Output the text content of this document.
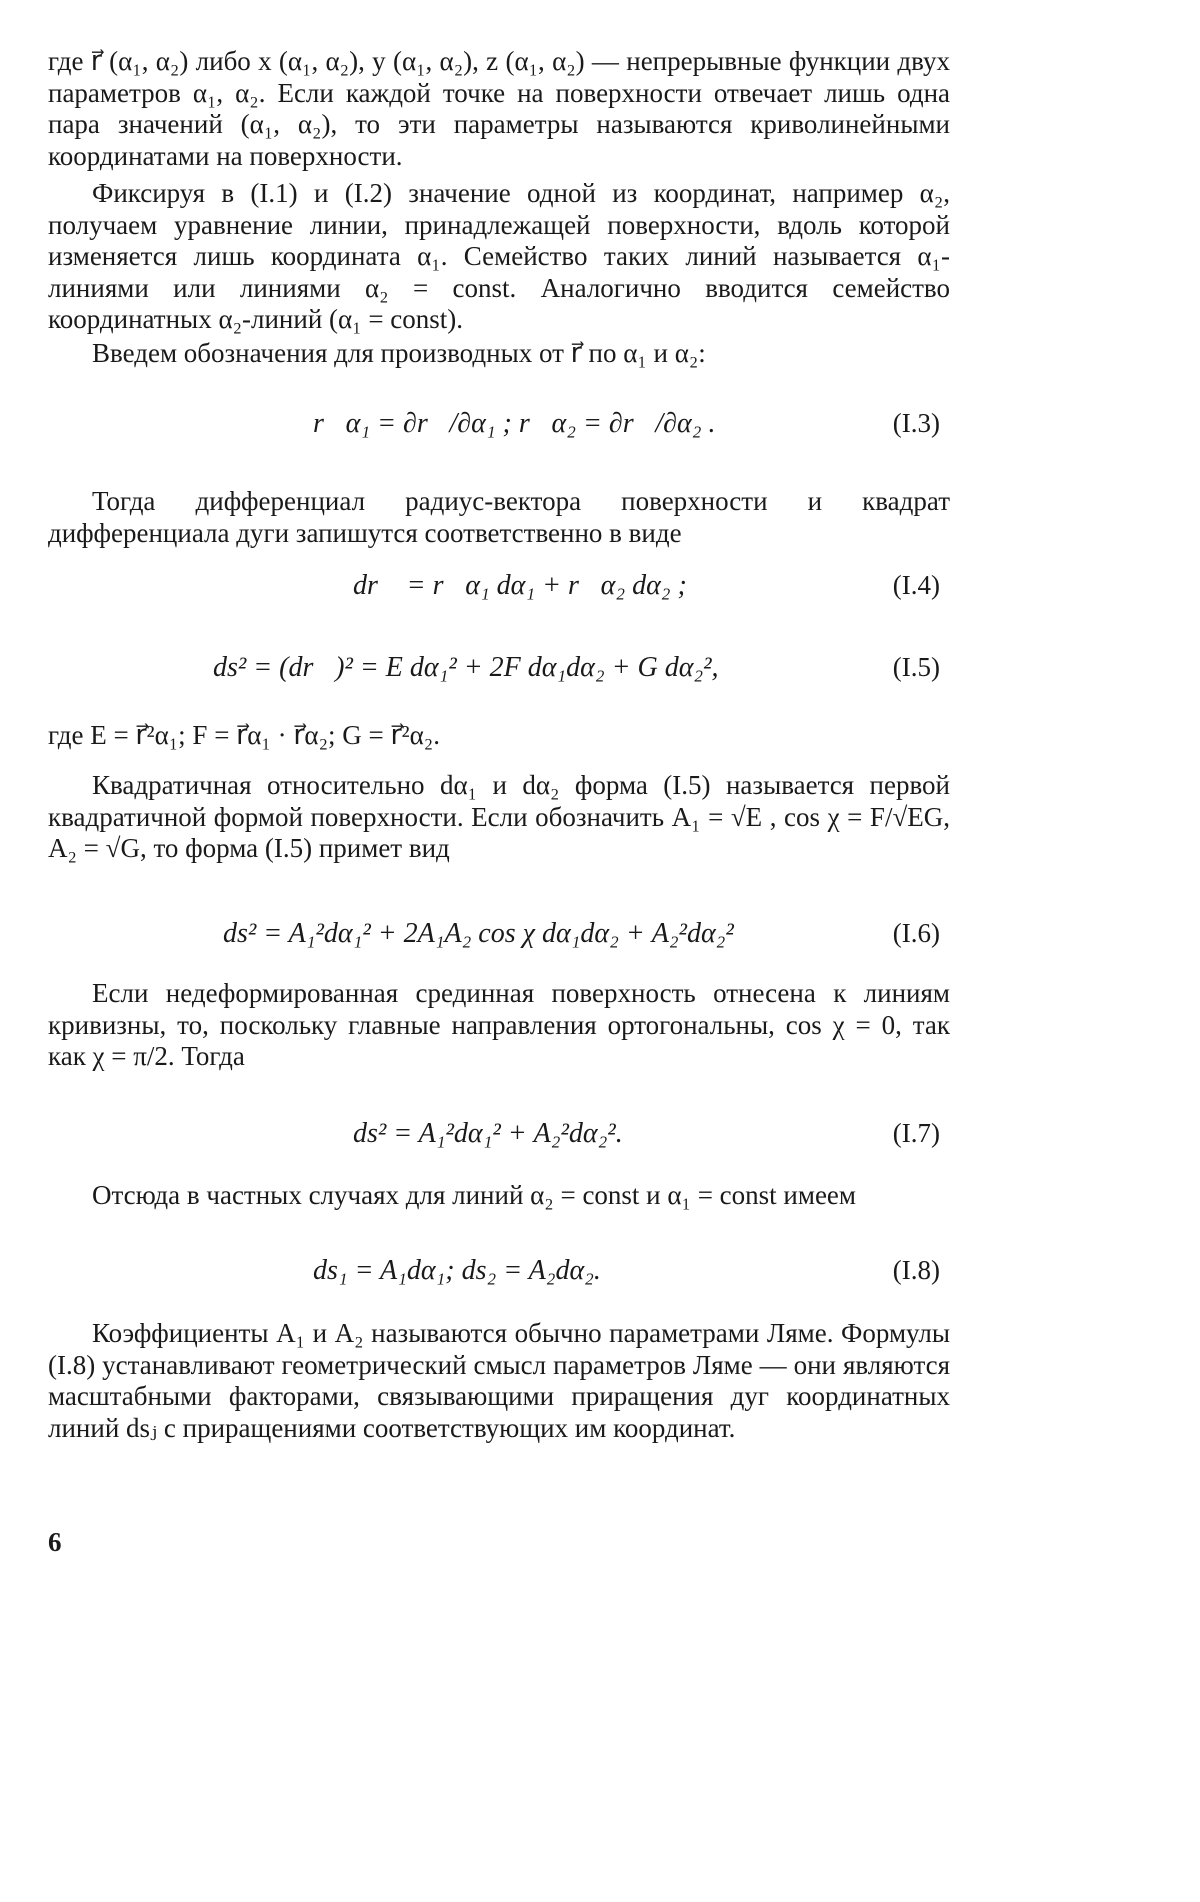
где r⃗ (α₁, α₂) либо x (α₁, α₂), y (α₁, α₂), z (α₁, α₂) — непрерывные функции двух параметров α₁, α₂. Если каждой точке на поверхности отвечает лишь одна пара значений (α₁, α₂), то эти параметры называются криволинейными координатами на поверхности.

Фиксируя в (I.1) и (I.2) значение одной из координат, например α₂, получаем уравнение линии, принадлежащей поверхности, вдоль которой изменяется лишь координата α₁. Семейство таких линий называется α₁-линиями или линиями α₂ = const. Аналогично вводится семейство координатных α₂-линий (α₁ = const).

Введем обозначения для производных от r⃗ по α₁ и α₂:

r⃗α₁ = ∂r⃗/∂α₁ ; r⃗α₂ = ∂r⃗/∂α₂ .	(I.3)

Тогда дифференциал радиус-вектора поверхности и квадрат дифференциала дуги запишутся соответственно в виде

dr⃗ = r⃗α₁ dα₁ + r⃗α₂ dα₂ ;	(I.4)
ds² = (dr⃗)² = E dα₁² + 2F dα₁dα₂ + G dα₂²,	(I.5)

где E = r⃗²α₁; F = r⃗α₁ · r⃗α₂; G = r⃗²α₂.

Квадратичная относительно dα₁ и dα₂ форма (I.5) называется первой квадратичной формой поверхности. Если обозначить A₁ = √E , cos χ = F/√EG, A₂ = √G, то форма (I.5) примет вид

ds² = A₁²dα₁² + 2A₁A₂ cos χ dα₁dα₂ + A₂²dα₂²	(I.6)

Если недеформированная срединная поверхность отнесена к линиям кривизны, то, поскольку главные направления ортогональны, cos χ = 0, так как χ = π/2. Тогда

ds² = A₁²dα₁² + A₂²dα₂².	(I.7)

Отсюда в частных случаях для линий α₂ = const и α₁ = const имеем

ds₁ = A₁dα₁; ds₂ = A₂dα₂.	(I.8)

Коэффициенты A₁ и A₂ называются обычно параметрами Ляме. Формулы (I.8) устанавливают геометрический смысл параметров Ляме — они являются масштабными факторами, связывающими приращения дуг координатных линий dsⱼ с приращениями соответствующих им координат.

6
